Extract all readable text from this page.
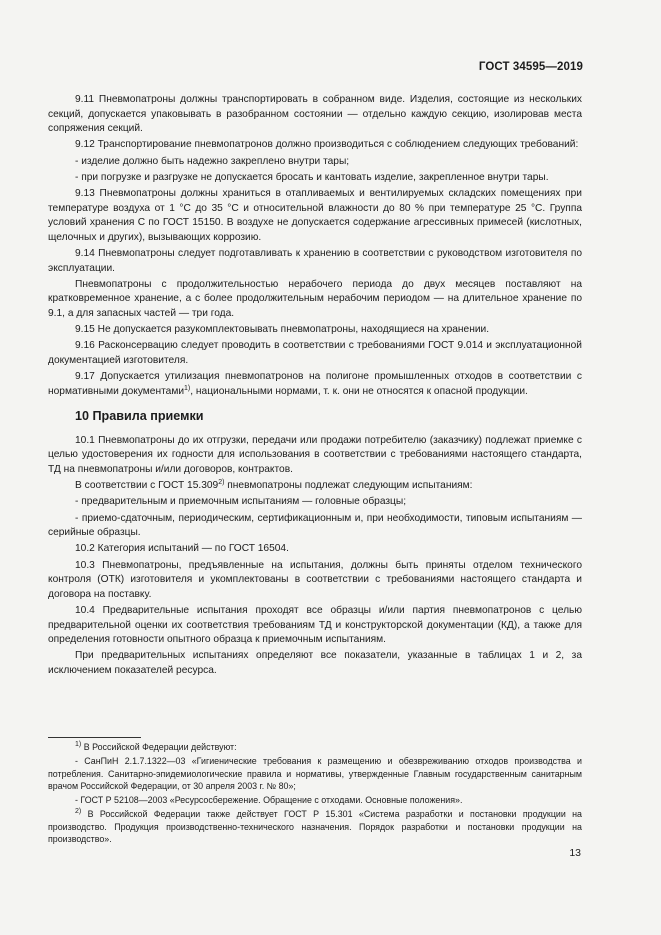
ГОСТ 34595—2019

9.11 Пневмопатроны должны транспортировать в собранном виде. Изделия, состоящие из нескольких секций, допускается упаковывать в разобранном состоянии — отдельно каждую секцию, изолировав места сопряжения секций.

9.12 Транспортирование пневмопатронов должно производиться с соблюдением следующих требований:

- изделие должно быть надежно закреплено внутри тары;

- при погрузке и разгрузке не допускается бросать и кантовать изделие, закрепленное внутри тары.

9.13 Пневмопатроны должны храниться в отапливаемых и вентилируемых складских помещениях при температуре воздуха от 1 °С до 35 °С и относительной влажности до 80 % при температуре 25 °С. Группа условий хранения С по ГОСТ 15150. В воздухе не допускается содержание агрессивных примесей (кислотных, щелочных и других), вызывающих коррозию.

9.14 Пневмопатроны следует подготавливать к хранению в соответствии с руководством изготовителя по эксплуатации.

Пневмопатроны с продолжительностью нерабочего периода до двух месяцев поставляют на кратковременное хранение, а с более продолжительным нерабочим периодом — на длительное хранение по 9.1, а для запасных частей — три года.

9.15 Не допускается разукомплектовывать пневмопатроны, находящиеся на хранении.

9.16 Расконсервацию следует проводить в соответствии с требованиями ГОСТ 9.014 и эксплуатационной документацией изготовителя.

9.17 Допускается утилизация пневмопатронов на полигоне промышленных отходов в соответствии с нормативными документами$^{1)}$, национальными нормами, т. к. они не относятся к опасной продукции.

10 Правила приемки

10.1 Пневмопатроны до их отгрузки, передачи или продажи потребителю (заказчику) подлежат приемке с целью удостоверения их годности для использования в соответствии с требованиями настоящего стандарта, ТД на пневмопатроны и/или договоров, контрактов.

В соответствии с ГОСТ 15.309$^{2)}$ пневмопатроны подлежат следующим испытаниям:

- предварительным и приемочным испытаниям — головные образцы;

- приемо-сдаточным, периодическим, сертификационным и, при необходимости, типовым испытаниям — серийные образцы.

10.2 Категория испытаний — по ГОСТ 16504.

10.3 Пневмопатроны, предъявленные на испытания, должны быть приняты отделом технического контроля (ОТК) изготовителя и укомплектованы в соответствии с требованиями настоящего стандарта и договора на поставку.

10.4 Предварительные испытания проходят все образцы и/или партия пневмопатронов с целью предварительной оценки их соответствия требованиям ТД и конструкторской документации (КД), а также для определения готовности опытного образца к приемочным испытаниям.

При предварительных испытаниях определяют все показатели, указанные в таблицах 1 и 2, за исключением показателей ресурса.

$^{1)}$ В Российской Федерации действуют:

- СанПиН 2.1.7.1322—03 «Гигиенические требования к размещению и обезвреживанию отходов производства и потребления. Санитарно-эпидемиологические правила и нормативы, утвержденные Главным государственным санитарным врачом Российской Федерации, от 30 апреля 2003 г. № 80»;

- ГОСТ Р 52108—2003 «Ресурсосбережение. Обращение с отходами. Основные положения».

$^{2)}$ В Российской Федерации также действует ГОСТ Р 15.301 «Система разработки и постановки продукции на производство. Продукция производственно-технического назначения. Порядок разработки и постановки продукции на производство».

13
